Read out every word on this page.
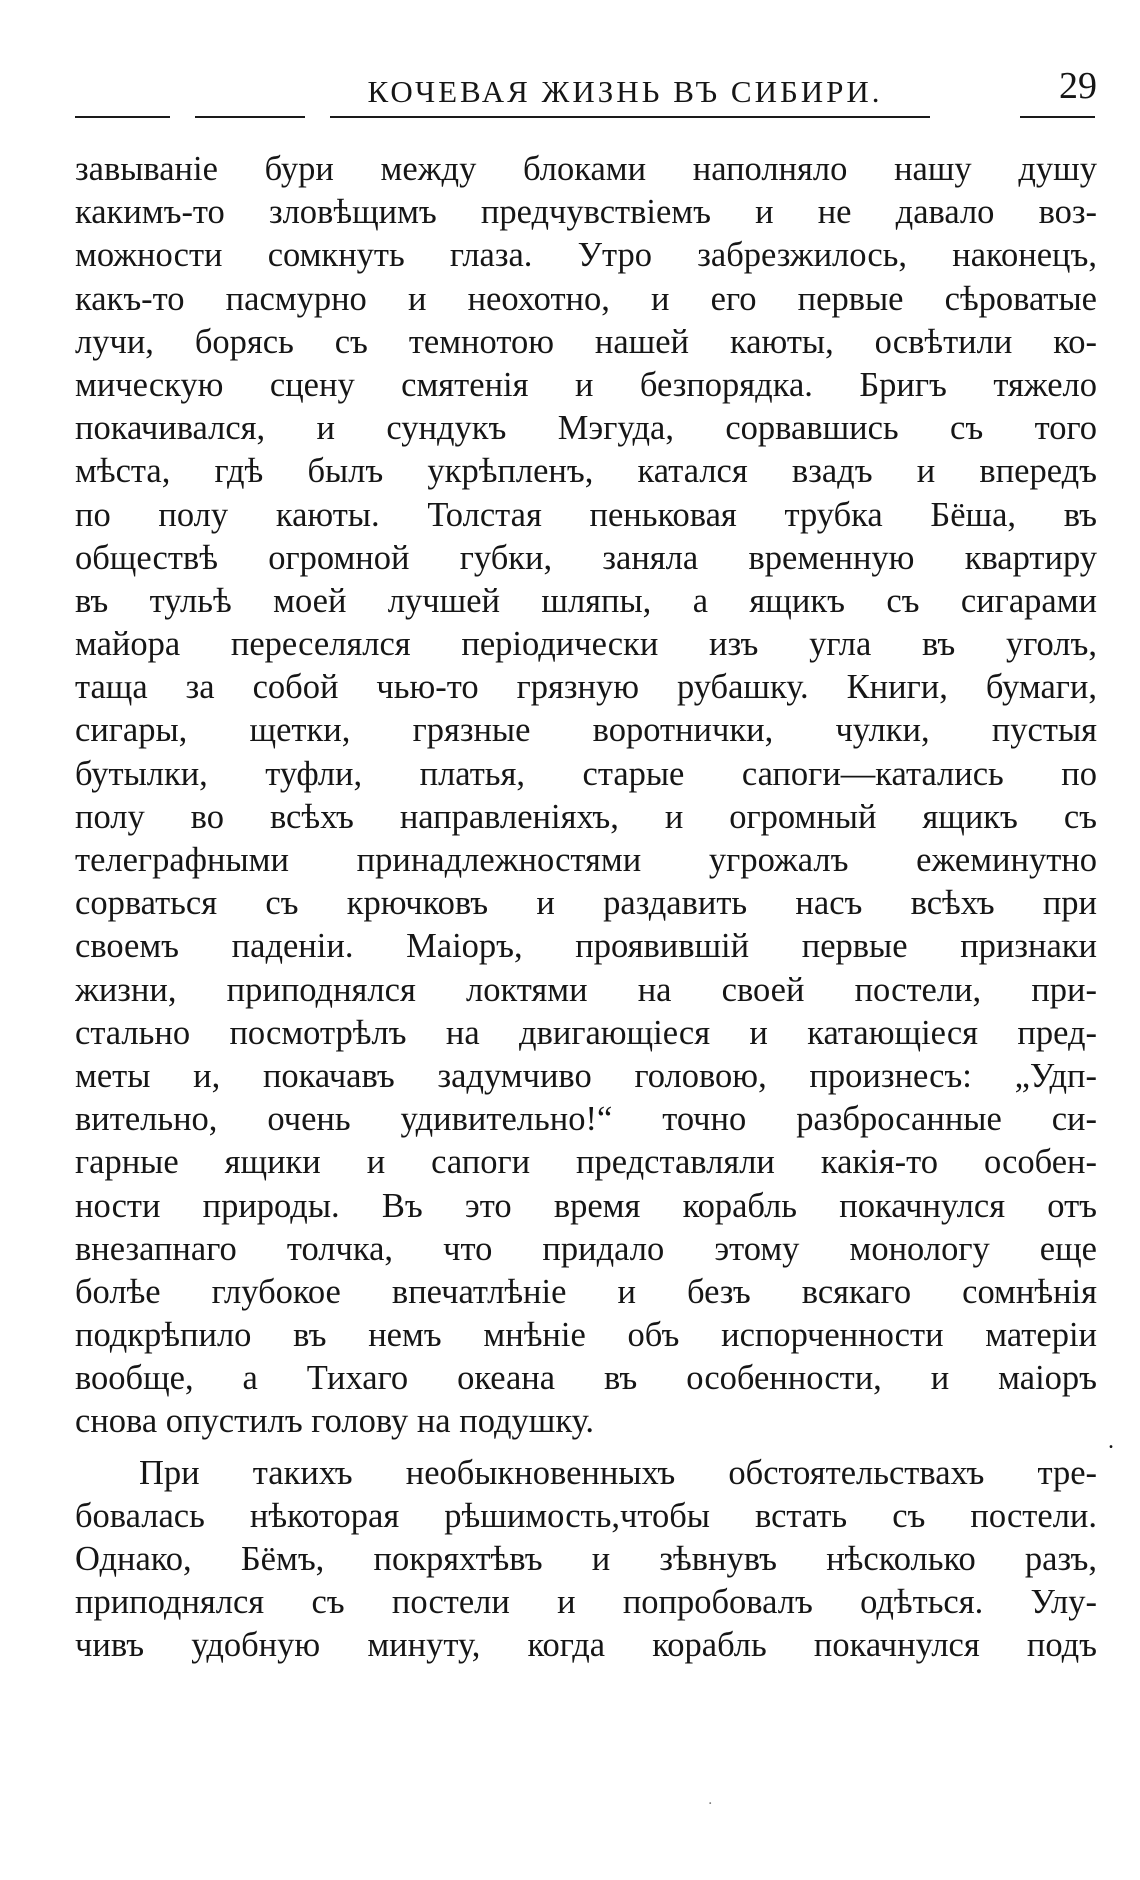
КОЧЕВАЯ ЖИЗНЬ ВЪ СИБИРИ.	29
завываніе бури между блоками наполняло нашу душу
какимъ-то зловѣщимъ предчувствіемъ и не давало воз-
можности сомкнуть глаза. Утро забрезжилось, наконецъ,
какъ-то пасмурно и неохотно, и его первые сѣроватые
лучи, борясь съ темнотою нашей каюты, освѣтили ко-
мическую сцену смятенія и безпорядка. Бригъ тяжело
покачивался, и сундукъ Мэгуда, сорвавшись съ того
мѣста, гдѣ былъ укрѣпленъ, катался взадъ и впередъ
по полу каюты. Толстая пеньковая трубка Бёша, въ
обществѣ огромной губки, заняла временную квартиру
въ тульѣ моей лучшей шляпы, а ящикъ съ сигарами
майора переселялся періодически изъ угла въ уголъ,
таща за собой чью-то грязную рубашку. Книги, бумаги,
сигары, щетки, грязные воротнички, чулки, пустыя
бутылки, туфли, платья, старые сапоги—катались по
полу во всѣхъ направленіяхъ, и огромный ящикъ съ
телеграфными принадлежностями угрожалъ ежеминутно
сорваться съ крючковъ и раздавить насъ всѣхъ при
своемъ паденіи. Маіоръ, проявившій первые признаки
жизни, приподнялся локтями на своей постели, при-
стально посмотрѣлъ на двигающіеся и катающіеся пред-
меты и, покачавъ задумчиво головою, произнесъ: „Удп-
вительно, очень удивительно!“ точно разбросанные си-
гарные ящики и сапоги представляли какія-то особен-
ности природы. Въ это время корабль покачнулся отъ
внезапнаго толчка, что придало этому монологу еще
болѣе глубокое впечатлѣніе и безъ всякаго сомнѣнія
подкрѣпило въ немъ мнѣніе объ испорченности матеріи
вообще, а Тихаго океана въ особенности, и маіоръ
снова опустилъ голову на подушку.
При такихъ необыкновенныхъ обстоятельствахъ тре-
бовалась нѣкоторая рѣшимость,чтобы встать съ постели.
Однако, Бёмъ, покряхтѣвъ и зѣвнувъ нѣсколько разъ,
приподнялся съ постели и попробовалъ одѣться. Улу-
чивъ удобную минуту, когда корабль покачнулся подъ
.
·
